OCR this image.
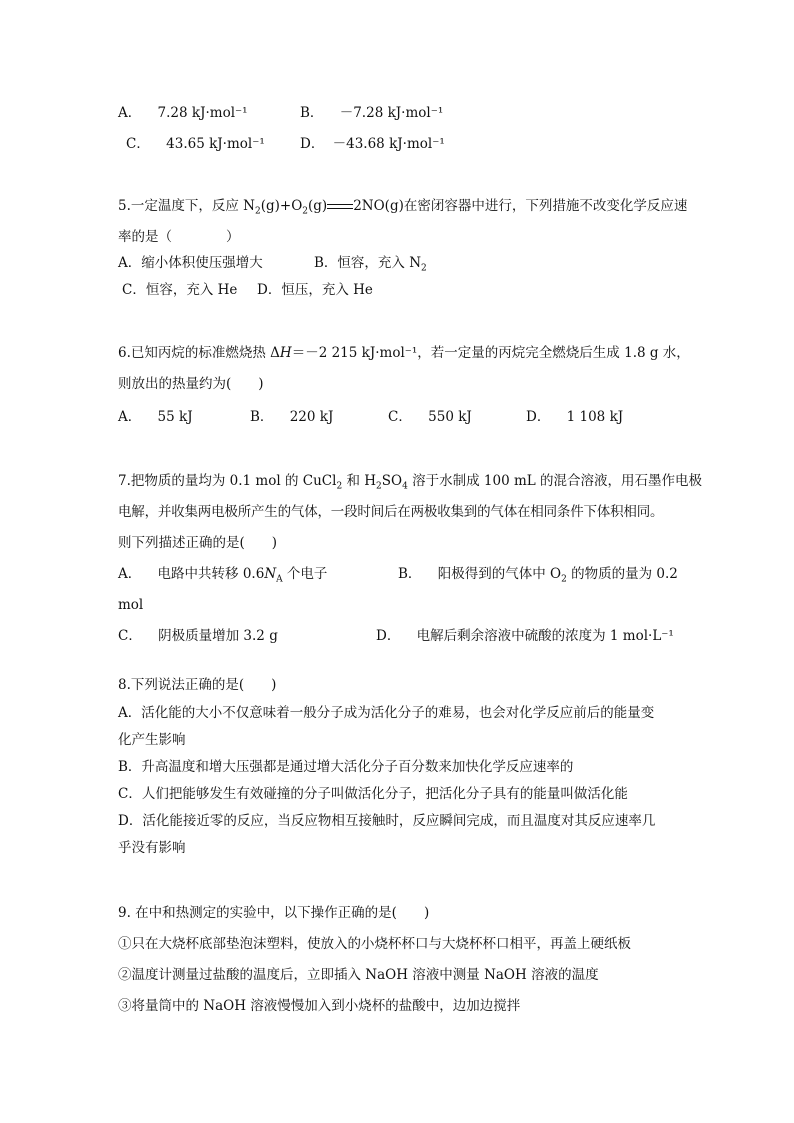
A． 7.28 kJ·mol⁻¹	B． －7.28 kJ·mol⁻¹
C． 43.65 kJ·mol⁻¹	D． －43.68 kJ·mol⁻¹
5.一定温度下，反应 $N_2(g)+O_2(g)$ 2NO(g)在密闭容器中进行，下列措施不改变化学反应速
率的是（　　　　）
A．缩小体积使压强增大	B．恒容，充入 $N_2$
C．恒容，充入 He D．恒压，充入 He
6.已知丙烷的标准燃烧热 ΔH＝－2 215 kJ·mol⁻¹，若一定量的丙烷完全燃烧后生成 1.8 g 水，
则放出的热量约为(　　)
A． 55 kJ	B． 220 kJ	C． 550 kJ	D． 1 108 kJ
7.把物质的量均为 0.1 mol 的 CuCl$_2$ 和 $H_2SO_4$ 溶于水制成 100 mL 的混合溶液，用石墨作电极
电解，并收集两电极所产生的气体，一段时间后在两极收集到的气体在相同条件下体积相同。
则下列描述正确的是(　　)
A． 电路中共转移 $0.6N_A$ 个电子	B． 阳极得到的气体中 $O_2$ 的物质的量为 0.2
mol
C． 阴极质量增加 3.2 g	D． 电解后剩余溶液中硫酸的浓度为 1 mol·L⁻¹
8.下列说法正确的是(　　)
A．活化能的大小不仅意味着一般分子成为活化分子的难易，也会对化学反应前后的能量变
化产生影响
B．升高温度和增大压强都是通过增大活化分子百分数来加快化学反应速率的
C．人们把能够发生有效碰撞的分子叫做活化分子，把活化分子具有的能量叫做活化能
D．活化能接近零的反应，当反应物相互接触时，反应瞬间完成，而且温度对其反应速率几
乎没有影响
9. 在中和热测定的实验中，以下操作正确的是(　　)
①只在大烧杯底部垫泡沫塑料，使放入的小烧杯杯口与大烧杯杯口相平，再盖上硬纸板
②温度计测量过盐酸的温度后，立即插入 NaOH 溶液中测量 NaOH 溶液的温度
③将量筒中的 NaOH 溶液慢慢加入到小烧杯的盐酸中，边加边搅拌
